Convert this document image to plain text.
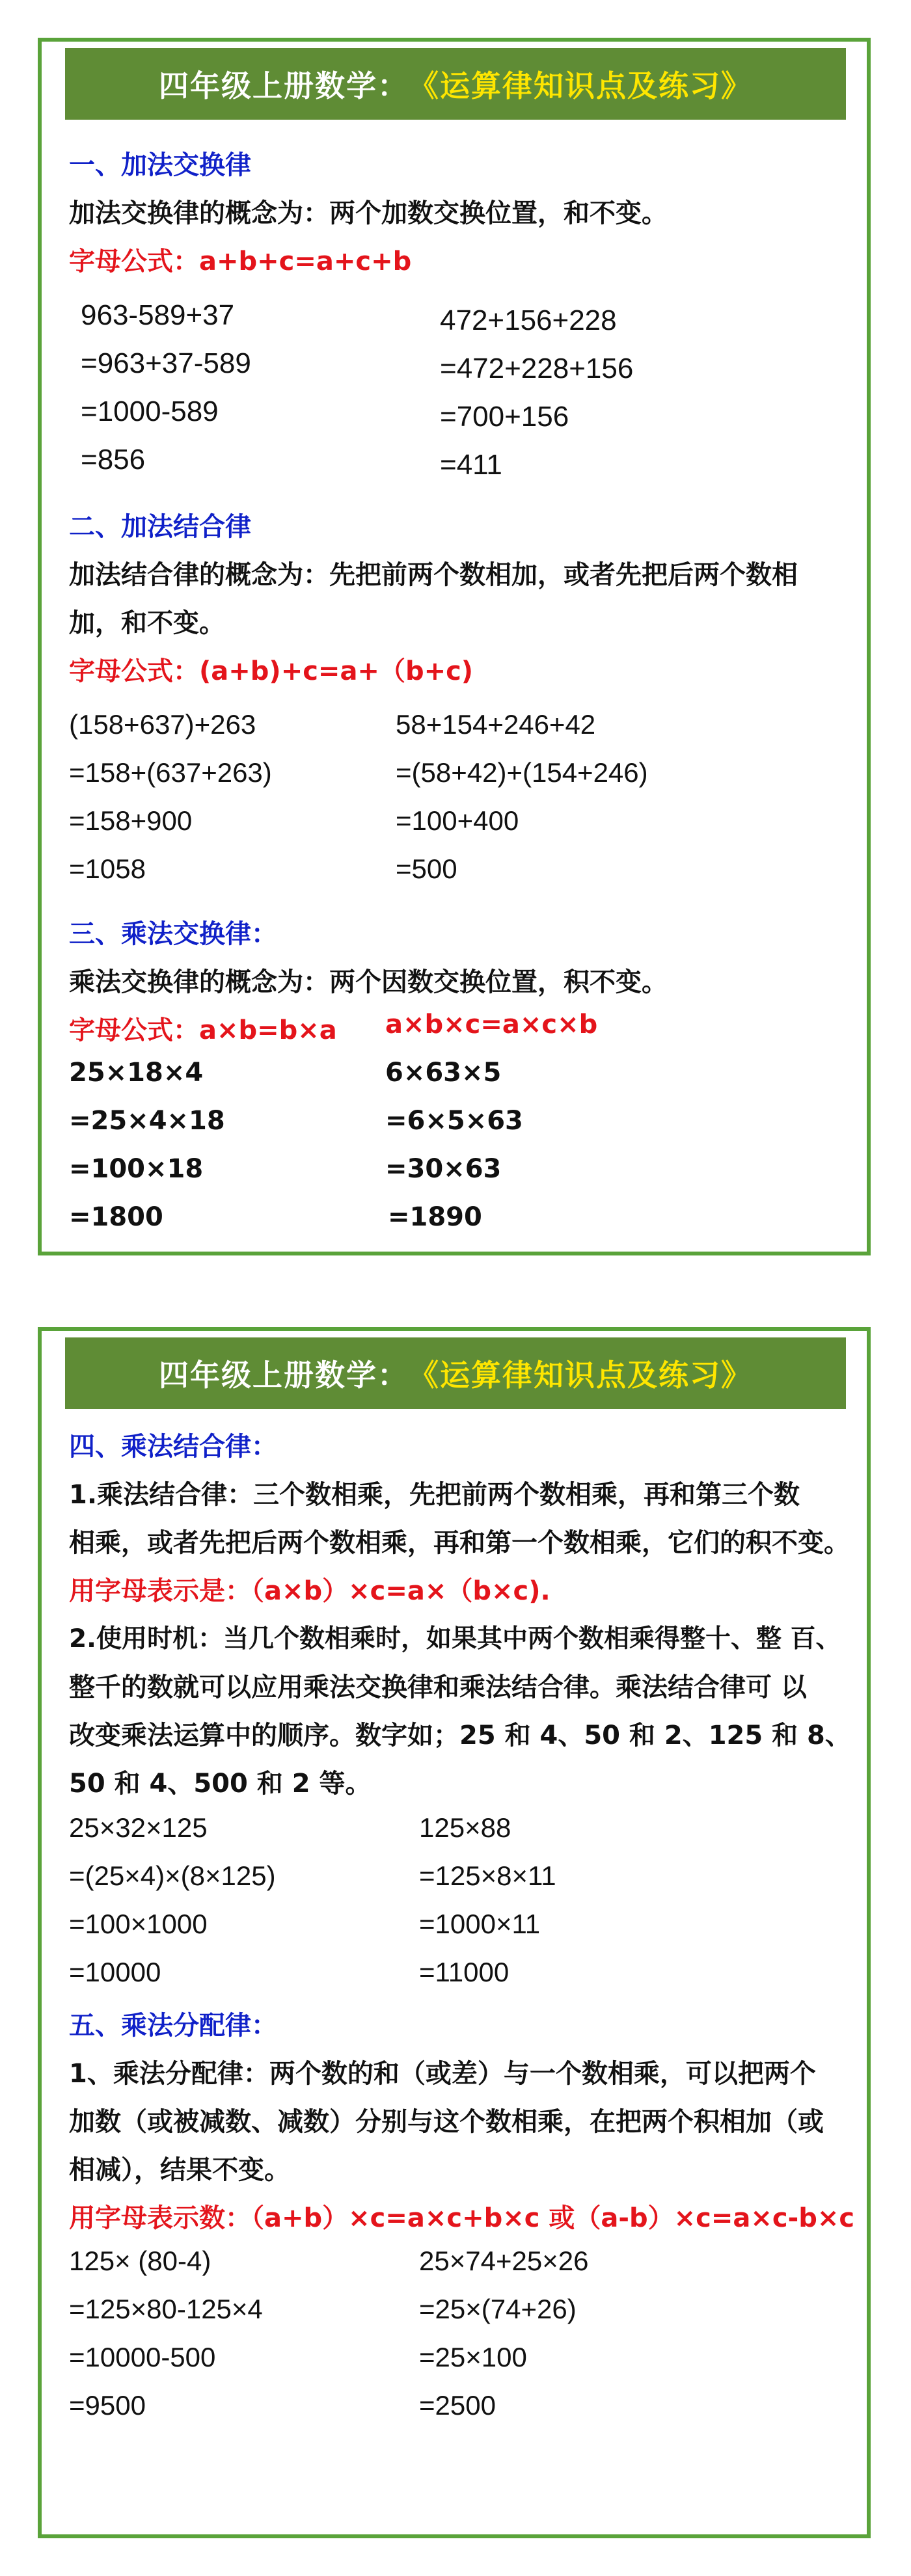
四年级上册数学： 《运算律知识点及练习》
一、加法交换律
加法交换律的概念为：两个加数交换位置，和不变。
字母公式：a+b+c=a+c+b
963-589+37
=963+37-589
=1000-589
=856
472+156+228
=472+228+156
=700+156
=411
二、加法结合律
加法结合律的概念为：先把前两个数相加，或者先把后两个数相
加，和不变。
字母公式：(a+b)+c=a+（b+c)
(158+637)+263
=158+(637+263)
=158+900
=1058
58+154+246+42
=(58+42)+(154+246)
=100+400
=500
三、乘法交换律：
乘法交换律的概念为：两个因数交换位置，积不变。
字母公式：a×b=b×a a×b×c=a×c×b
25×18×4
=25×4×18
=100×18
=1800
6×63×5
=6×5×63
=30×63
=1890
四年级上册数学： 《运算律知识点及练习》
四、乘法结合律：
1.乘法结合律：三个数相乘，先把前两个数相乘，再和第三个数
相乘，或者先把后两个数相乘，再和第一个数相乘，它们的积不变。
用字母表示是：（a×b）×c=a×（b×c).
2.使用时机：当几个数相乘时，如果其中两个数相乘得整十、整 百、
整千的数就可以应用乘法交换律和乘法结合律。乘法结合律可 以
改变乘法运算中的顺序。数字如；25 和 4、50 和 2、125 和 8、
50 和 4、500 和 2 等。
25×32×125
=(25×4)×(8×125)
=100×1000
=10000
125×88
=125×8×11
=1000×11
=11000
五、乘法分配律：
1、乘法分配律：两个数的和（或差）与一个数相乘，可以把两个
加数（或被减数、减数）分别与这个数相乘，在把两个积相加（或
相减），结果不变。
用字母表示数：（a+b）×c=a×c+b×c 或（a-b）×c=a×c-b×c
125× (80-4)
=125×80-125×4
=10000-500
=9500
25×74+25×26
=25×(74+26)
=25×100
=2500
